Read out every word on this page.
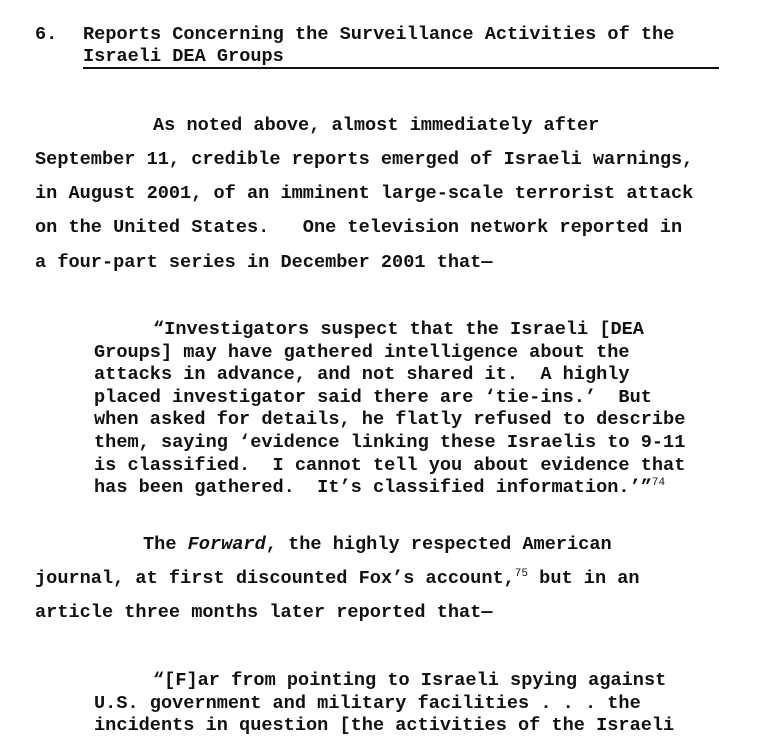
6. Reports Concerning the Surveillance Activities of the
Israeli DEA Groups
As noted above, almost immediately after
September 11, credible reports emerged of Israeli warnings,
in August 2001, of an imminent large-scale terrorist attack
on the United States.   One television network reported in
a four-part series in December 2001 that—
“Investigators suspect that the Israeli [DEA
Groups] may have gathered intelligence about the
attacks in advance, and not shared it.  A highly
placed investigator said there are ‘tie-ins.’  But
when asked for details, he flatly refused to describe
them, saying ‘evidence linking these Israelis to 9-11
is classified.  I cannot tell you about evidence that
has been gathered.  It’s classified information.’”$^{74}$
The Forward, the highly respected American
journal, at first discounted Fox’s account,$^{75}$ but in an
article three months later reported that—
“[F]ar from pointing to Israeli spying against
U.S. government and military facilities . . . the
incidents in question [the activities of the Israeli
